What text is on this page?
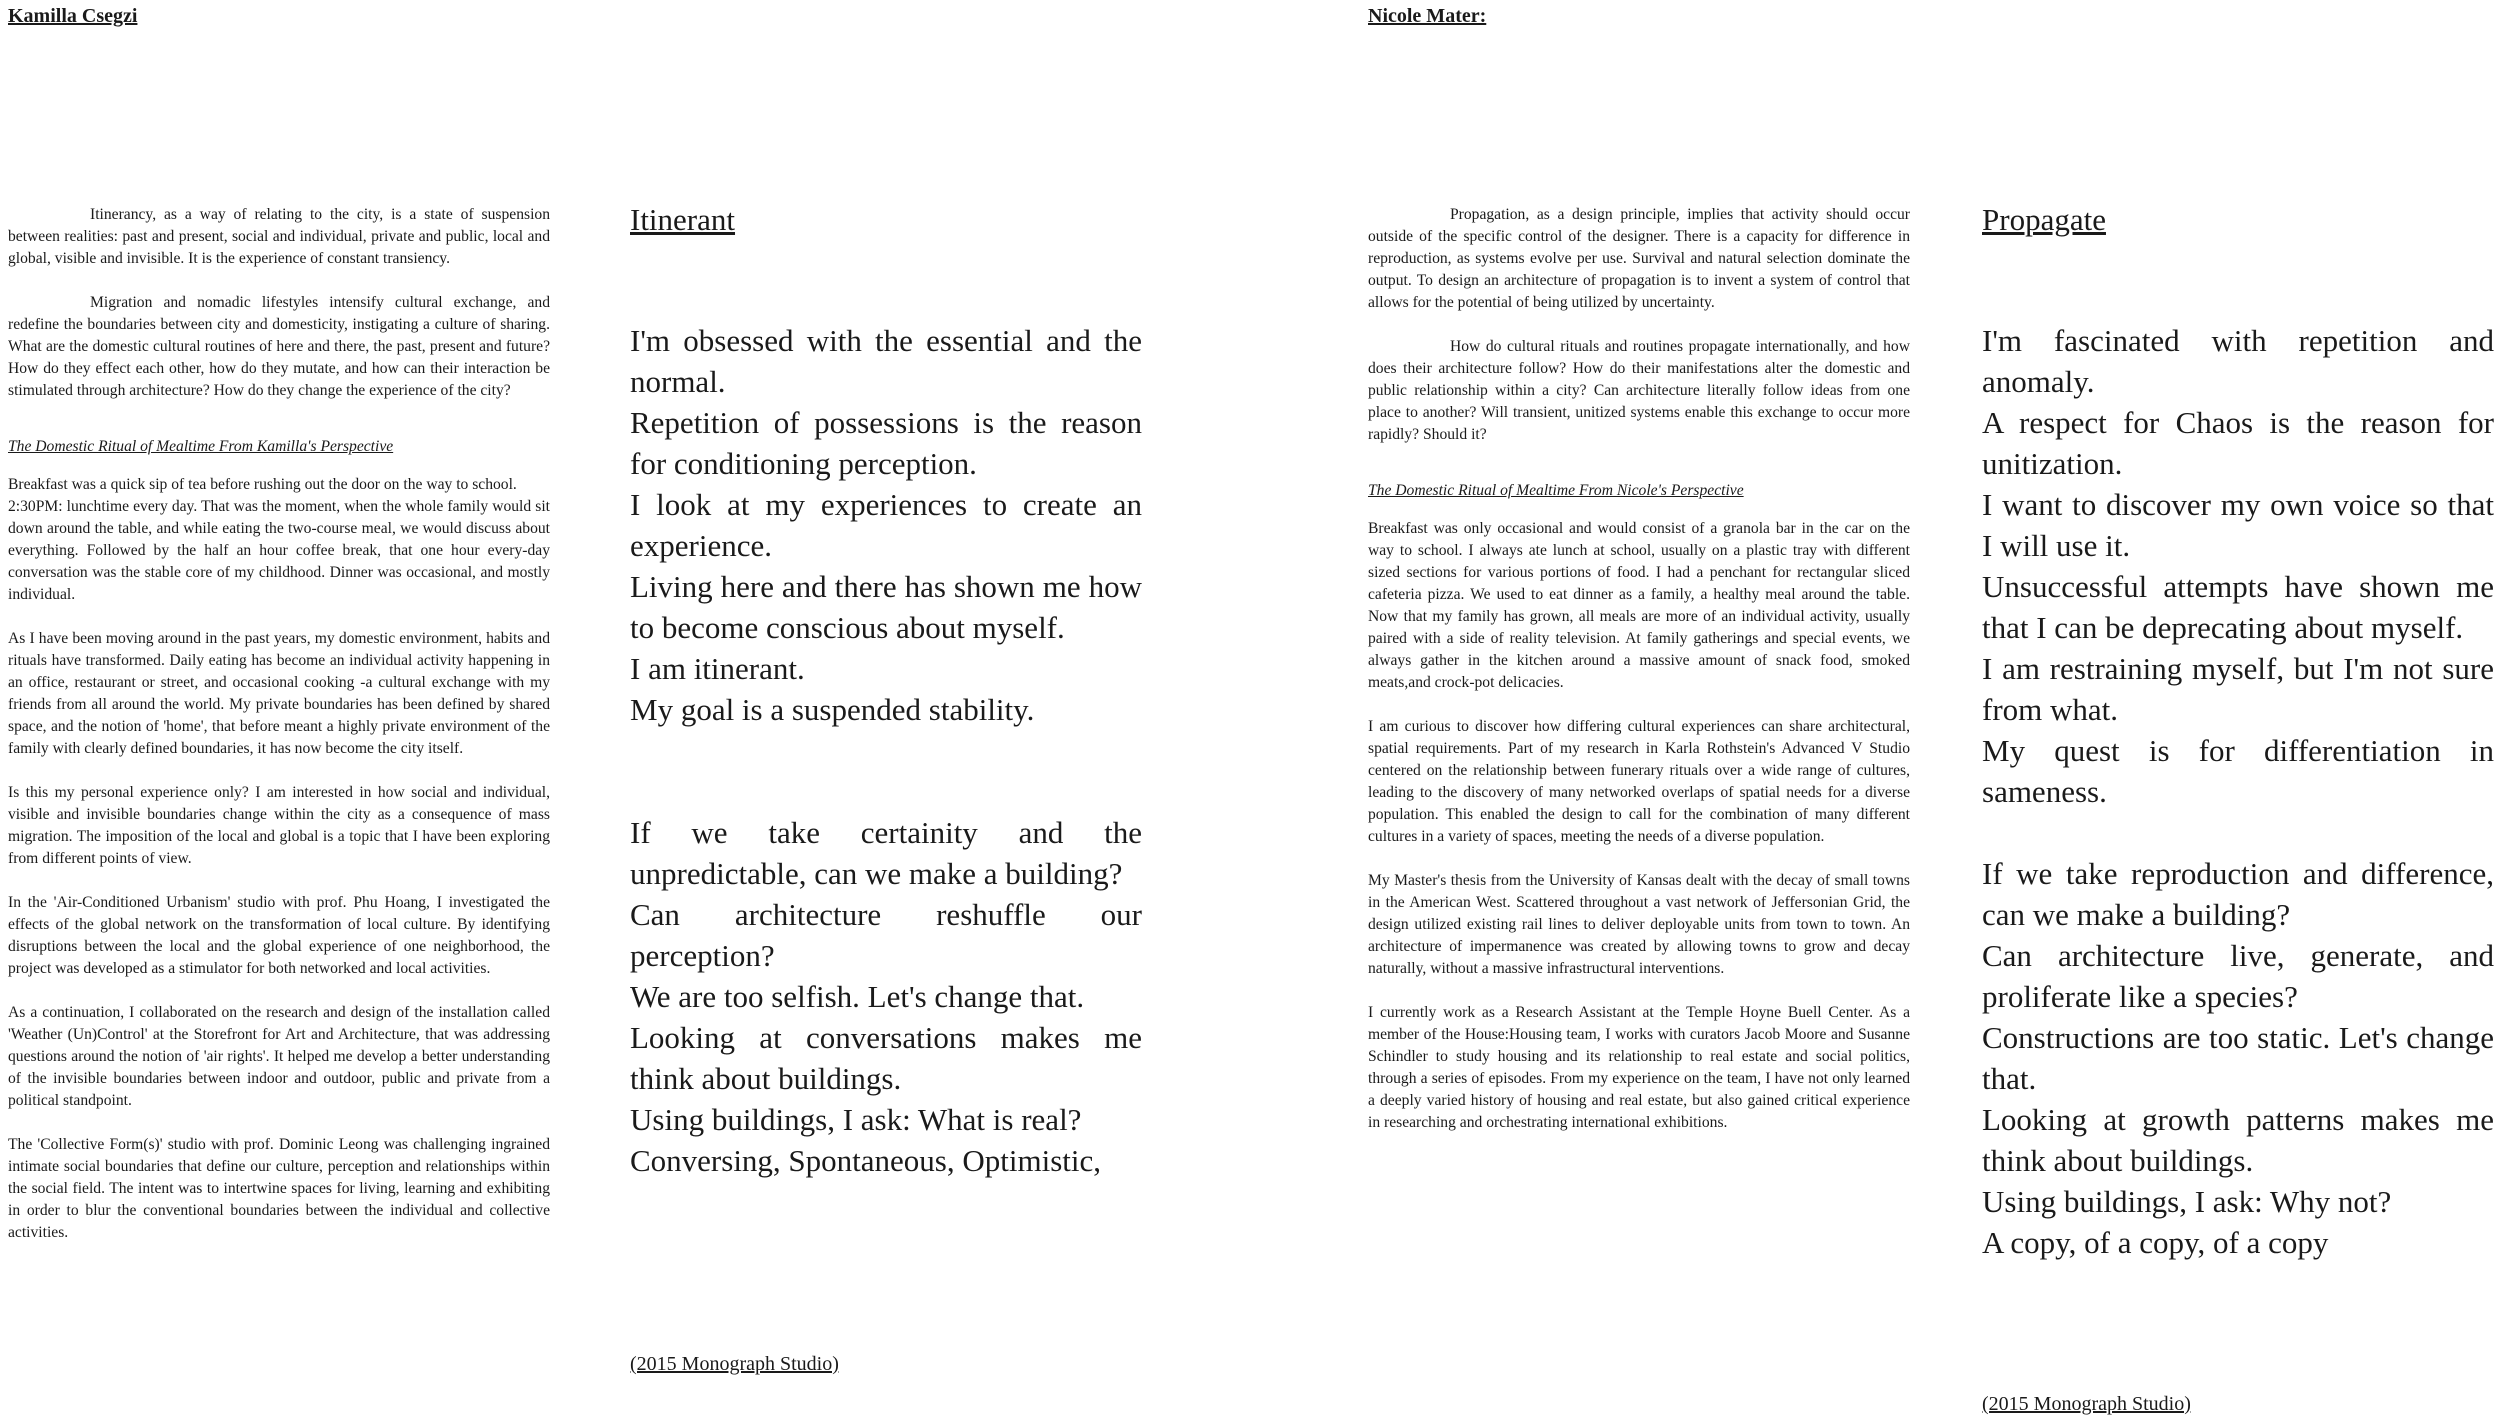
Kamilla Csegzi

Itinerancy, as a way of relating to the city, is a state of suspension between realities: past and present, social and individual, private and public, local and global, visible and invisible. It is the experience of constant transiency.

Migration and nomadic lifestyles intensify cultural exchange, and redefine the boundaries between city and domesticity, instigating a culture of sharing. What are the domestic cultural routines of here and there, the past, present and future? How do they effect each other, how do they mutate, and how can their interaction be stimulated through architecture? How do they change the experience of the city?

The Domestic Ritual of Mealtime From Kamilla's Perspective

Breakfast was a quick sip of tea before rushing out the door on the way to school.

2:30PM: lunchtime every day. That was the moment, when the whole family would sit down around the table, and while eating the two-course meal, we would discuss about everything. Followed by the half an hour coffee break, that one hour every-day conversation was the stable core of my childhood. Dinner was occasional, and mostly individual.

As I have been moving around in the past years, my domestic environment, habits and rituals have transformed. Daily eating has become an individual activity happening in an office, restaurant or street, and occasional cooking -a cultural exchange with my friends from all around the world. My private boundaries has been defined by shared space, and the notion of 'home', that before meant a highly private environment of the family with clearly defined boundaries, it has now become the city itself.

Is this my personal experience only? I am interested in how social and individual, visible and invisible boundaries change within the city as a consequence of mass migration. The imposition of the local and global is a topic that I have been exploring from different points of view.

In the 'Air-Conditioned Urbanism' studio with prof. Phu Hoang, I investigated the effects of the global network on the transformation of local culture. By identifying disruptions between the local and the global experience of one neighborhood, the project was developed as a stimulator for both networked and local activities.

As a continuation, I collaborated on the research and design of the installation called 'Weather (Un)Control' at the Storefront for Art and Architecture, that was addressing questions around the notion of 'air rights'. It helped me develop a better understanding of the invisible boundaries between indoor and outdoor, public and private from a political standpoint.

The 'Collective Form(s)' studio with prof. Dominic Leong was challenging ingrained intimate social boundaries that define our culture, perception and relationships within the social field. The intent was to intertwine spaces for living, learning and exhibiting in order to blur the conventional boundaries between the individual and collective activities.

Itinerant
I'm obsessed with the essential and the normal.
Repetition of possessions is the reason for conditioning perception.
I look at my experiences to create an experience.
Living here and there has shown me how to become conscious about myself.
I am itinerant.
My goal is a suspended stability.
If we take certainity and the unpredictable, can we make a building?
Can architecture reshuffle our perception?
We are too selfish. Let's change that.
Looking at conversations makes me think about buildings.
Using buildings, I ask: What is real?
Conversing, Spontaneous, Optimistic,
(2015 Monograph Studio)
Nicole Mater:

Propagation, as a design principle, implies that activity should occur outside of the specific control of the designer. There is a capacity for difference in reproduction, as systems evolve per use. Survival and natural selection dominate the output. To design an architecture of propagation is to invent a system of control that allows for the potential of being utilized by uncertainty.

How do cultural rituals and routines propagate internationally, and how does their architecture follow? How do their manifestations alter the domestic and public relationship within a city? Can architecture literally follow ideas from one place to another? Will transient, unitized systems enable this exchange to occur more rapidly? Should it?

The Domestic Ritual of Mealtime From Nicole's Perspective

Breakfast was only occasional and would consist of a granola bar in the car on the way to school. I always ate lunch at school, usually on a plastic tray with different sized sections for various portions of food. I had a penchant for rectangular sliced cafeteria pizza. We used to eat dinner as a family, a healthy meal around the table. Now that my family has grown, all meals are more of an individual activity, usually paired with a side of reality television. At family gatherings and special events, we always gather in the kitchen around a massive amount of snack food, smoked meats,and crock-pot delicacies.

I am curious to discover how differing cultural experiences can share architectural, spatial requirements. Part of my research in Karla Rothstein's Advanced V Studio centered on the relationship between funerary rituals over a wide range of cultures, leading to the discovery of many networked overlaps of spatial needs for a diverse population. This enabled the design to call for the combination of many different cultures in a variety of spaces, meeting the needs of a diverse population.

My Master's thesis from the University of Kansas dealt with the decay of small towns in the American West. Scattered throughout a vast network of Jeffersonian Grid, the design utilized existing rail lines to deliver deployable units from town to town. An architecture of impermanence was created by allowing towns to grow and decay naturally, without a massive infrastructural interventions.

I currently work as a Research Assistant at the Temple Hoyne Buell Center. As a member of the House:Housing team, I works with curators Jacob Moore and Susanne Schindler to study housing and its relationship to real estate and social politics, through a series of episodes. From my experience on the team, I have not only learned a deeply varied history of housing and real estate, but also gained critical experience in researching and orchestrating international exhibitions.

Propagate
I'm fascinated with repetition and anomaly.
A respect for Chaos is the reason for unitization.
I want to discover my own voice so that I will use it.
Unsuccessful attempts have shown me that I can be deprecating about myself.
I am restraining myself, but I'm not sure from what.
My quest is for differentiation in sameness.
If we take reproduction and difference, can we make a building?
Can architecture live, generate, and proliferate like a species?
Constructions are too static. Let's change that.
Looking at growth patterns makes me think about buildings.
Using buildings, I ask: Why not?
A copy, of a copy, of a copy
(2015 Monograph Studio)
